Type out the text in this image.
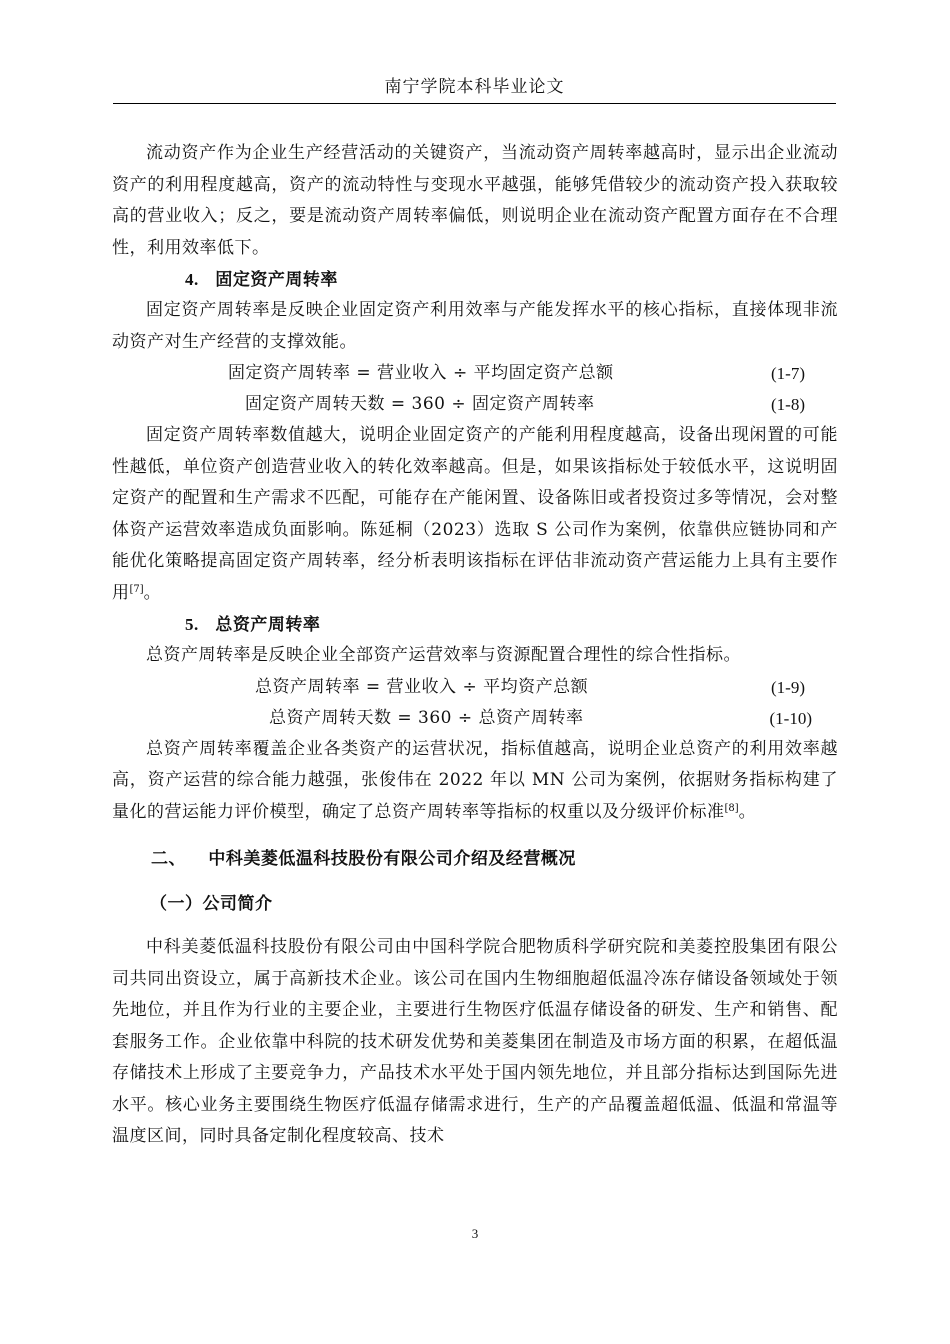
南宁学院本科毕业论文

流动资产作为企业生产经营活动的关键资产，当流动资产周转率越高时，显示出企业流动资产的利用程度越高，资产的流动特性与变现水平越强，能够凭借较少的流动资产投入获取较高的营业收入；反之，要是流动资产周转率偏低，则说明企业在流动资产配置方面存在不合理性，利用效率低下。

4. 固定资产周转率

固定资产周转率是反映企业固定资产利用效率与产能发挥水平的核心指标，直接体现非流动资产对生产经营的支撑效能。

固定资产周转率 = 营业收入 ÷ 平均固定资产总额	(1-7)
固定资产周转天数 = 360 ÷ 固定资产周转率	(1-8)

固定资产周转率数值越大，说明企业固定资产的产能利用程度越高，设备出现闲置的可能性越低，单位资产创造营业收入的转化效率越高。但是，如果该指标处于较低水平，这说明固定资产的配置和生产需求不匹配，可能存在产能闲置、设备陈旧或者投资过多等情况，会对整体资产运营效率造成负面影响。陈延桐（2023）选取 S 公司作为案例，依靠供应链协同和产能优化策略提高固定资产周转率，经分析表明该指标在评估非流动资产营运能力上具有主要作用[7]。

5. 总资产周转率

总资产周转率是反映企业全部资产运营效率与资源配置合理性的综合性指标。

总资产周转率 = 营业收入 ÷ 平均资产总额	(1-9)
总资产周转天数 = 360 ÷ 总资产周转率	(1-10)

总资产周转率覆盖企业各类资产的运营状况，指标值越高，说明企业总资产的利用效率越高，资产运营的综合能力越强，张俊伟在 2022 年以 MN 公司为案例，依据财务指标构建了量化的营运能力评价模型，确定了总资产周转率等指标的权重以及分级评价标准[8]。

二、 中科美菱低温科技股份有限公司介绍及经营概况
（一）公司简介

中科美菱低温科技股份有限公司由中国科学院合肥物质科学研究院和美菱控股集团有限公司共同出资设立，属于高新技术企业。该公司在国内生物细胞超低温冷冻存储设备领域处于领先地位，并且作为行业的主要企业，主要进行生物医疗低温存储设备的研发、生产和销售、配套服务工作。企业依靠中科院的技术研发优势和美菱集团在制造及市场方面的积累，在超低温存储技术上形成了主要竞争力，产品技术水平处于国内领先地位，并且部分指标达到国际先进水平。核心业务主要围绕生物医疗低温存储需求进行，生产的产品覆盖超低温、低温和常温等温度区间，同时具备定制化程度较高、技术

3
